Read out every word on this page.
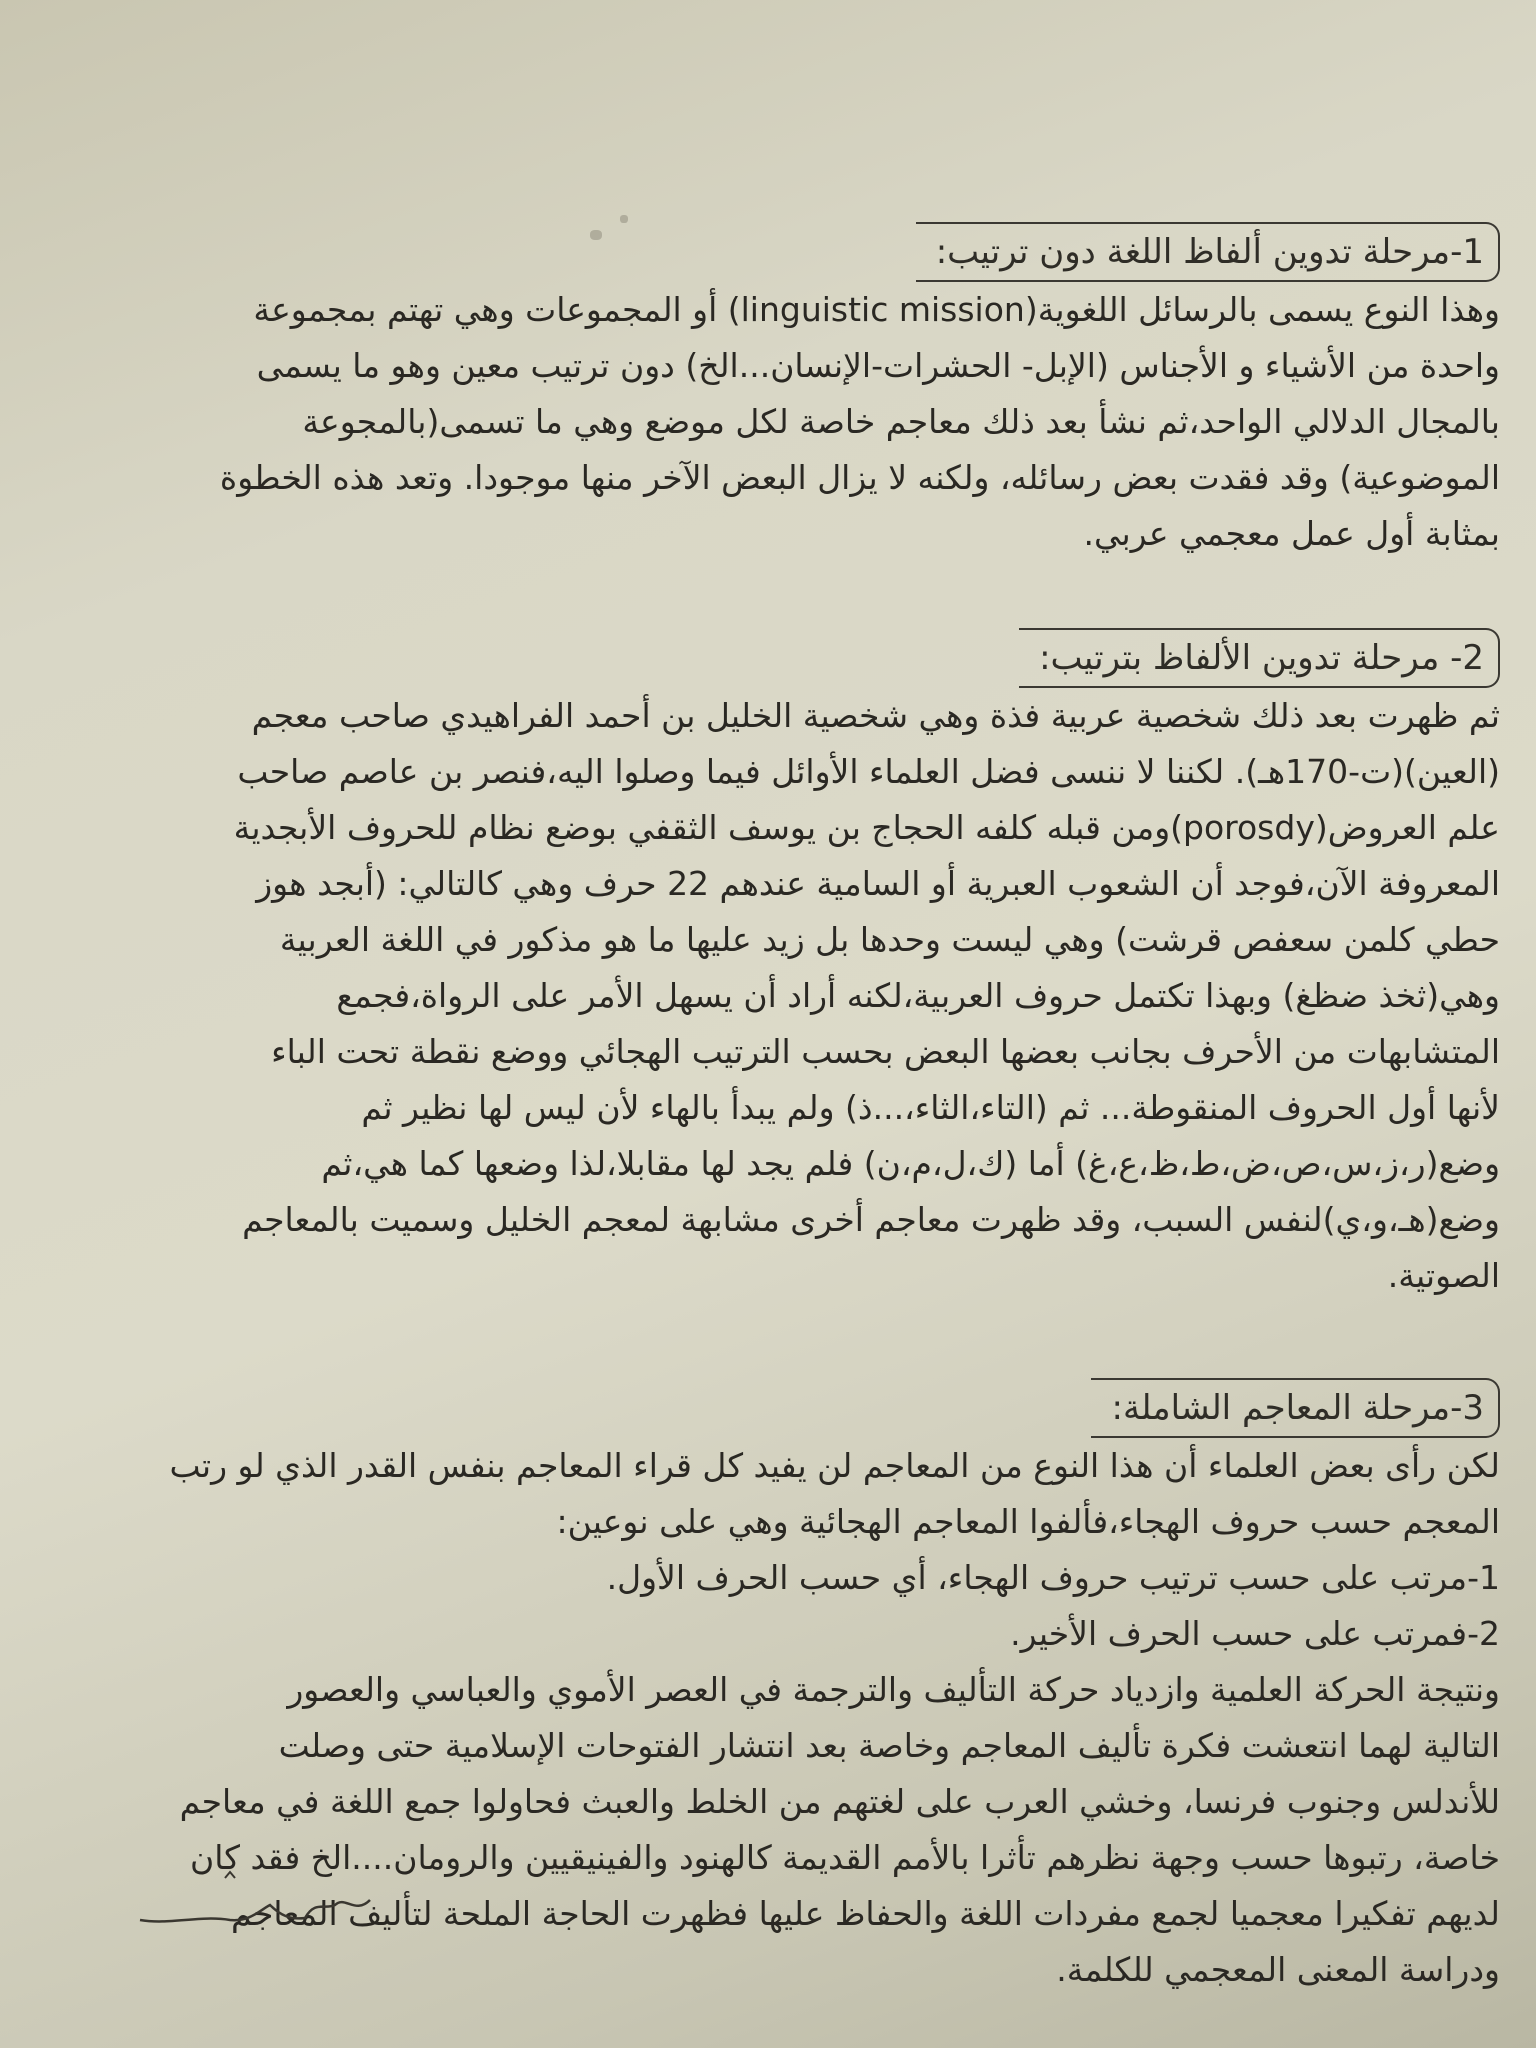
1-مرحلة تدوين ألفاظ اللغة دون ترتيب:
وهذا النوع يسمى بالرسائل اللغوية(linguistic mission) أو المجموعات وهي تهتم بمجموعة
واحدة من الأشياء و الأجناس (الإبل- الحشرات-الإنسان...الخ) دون ترتيب معين وهو ما يسمى
بالمجال الدلالي الواحد،ثم نشأ بعد ذلك معاجم خاصة لكل موضع وهي ما تسمى(بالمجوعة
الموضوعية) وقد فقدت بعض رسائله، ولكنه لا يزال البعض الآخر منها موجودا. وتعد هذه الخطوة
بمثابة أول عمل معجمي عربي.
2- مرحلة تدوين الألفاظ بترتيب:
ثم ظهرت بعد ذلك شخصية عربية فذة وهي شخصية الخليل بن أحمد الفراهيدي صاحب معجم
(العين)(ت-170هـ). لكننا لا ننسى فضل العلماء الأوائل فيما وصلوا اليه،فنصر بن عاصم صاحب
علم العروض(porosdy)ومن قبله كلفه الحجاج بن يوسف الثقفي بوضع نظام للحروف الأبجدية
المعروفة الآن،فوجد أن الشعوب العبرية أو السامية عندهم 22 حرف وهي كالتالي: (أبجد هوز
حطي كلمن سعفص قرشت) وهي ليست وحدها بل زيد عليها ما هو مذكور في اللغة العربية
وهي(ثخذ ضظغ) وبهذا تكتمل حروف العربية،لكنه أراد أن يسهل الأمر على الرواة،فجمع
المتشابهات من الأحرف بجانب بعضها البعض بحسب الترتيب الهجائي ووضع نقطة تحت الباء
لأنها أول الحروف المنقوطة... ثم (التاء،الثاء،...ذ) ولم يبدأ بالهاء لأن ليس لها نظير ثم
وضع(ر،ز،س،ص،ض،ط،ظ،ع،غ) أما (ك،ل،م،ن) فلم يجد لها مقابلا،لذا وضعها كما هي،ثم
وضع(هـ،و،ي)لنفس السبب، وقد ظهرت معاجم أخرى مشابهة لمعجم الخليل وسميت بالمعاجم
الصوتية.
3-مرحلة المعاجم الشاملة:
لكن رأى بعض العلماء أن هذا النوع من المعاجم لن يفيد كل قراء المعاجم بنفس القدر الذي لو رتب
المعجم حسب حروف الهجاء،فألفوا المعاجم الهجائية وهي على نوعين:
1-مرتب على حسب ترتيب حروف الهجاء، أي حسب الحرف الأول.
2-فمرتب على حسب الحرف الأخير.
ونتيجة الحركة العلمية وازدياد حركة التأليف والترجمة في العصر الأموي والعباسي والعصور
التالية لهما انتعشت فكرة تأليف المعاجم وخاصة بعد انتشار الفتوحات الإسلامية حتى وصلت
للأندلس وجنوب فرنسا، وخشي العرب على لغتهم من الخلط والعبث فحاولوا جمع اللغة في معاجم
خاصة، رتبوها حسب وجهة نظرهم تأثرا بالأمم القديمة كالهنود والفينيقيين والرومان....الخ فقد كان
لديهم تفكيرا معجميا لجمع مفردات اللغة والحفاظ عليها فظهرت الحاجة الملحة لتأليف المعاجم
ودراسة المعنى المعجمي للكلمة.
